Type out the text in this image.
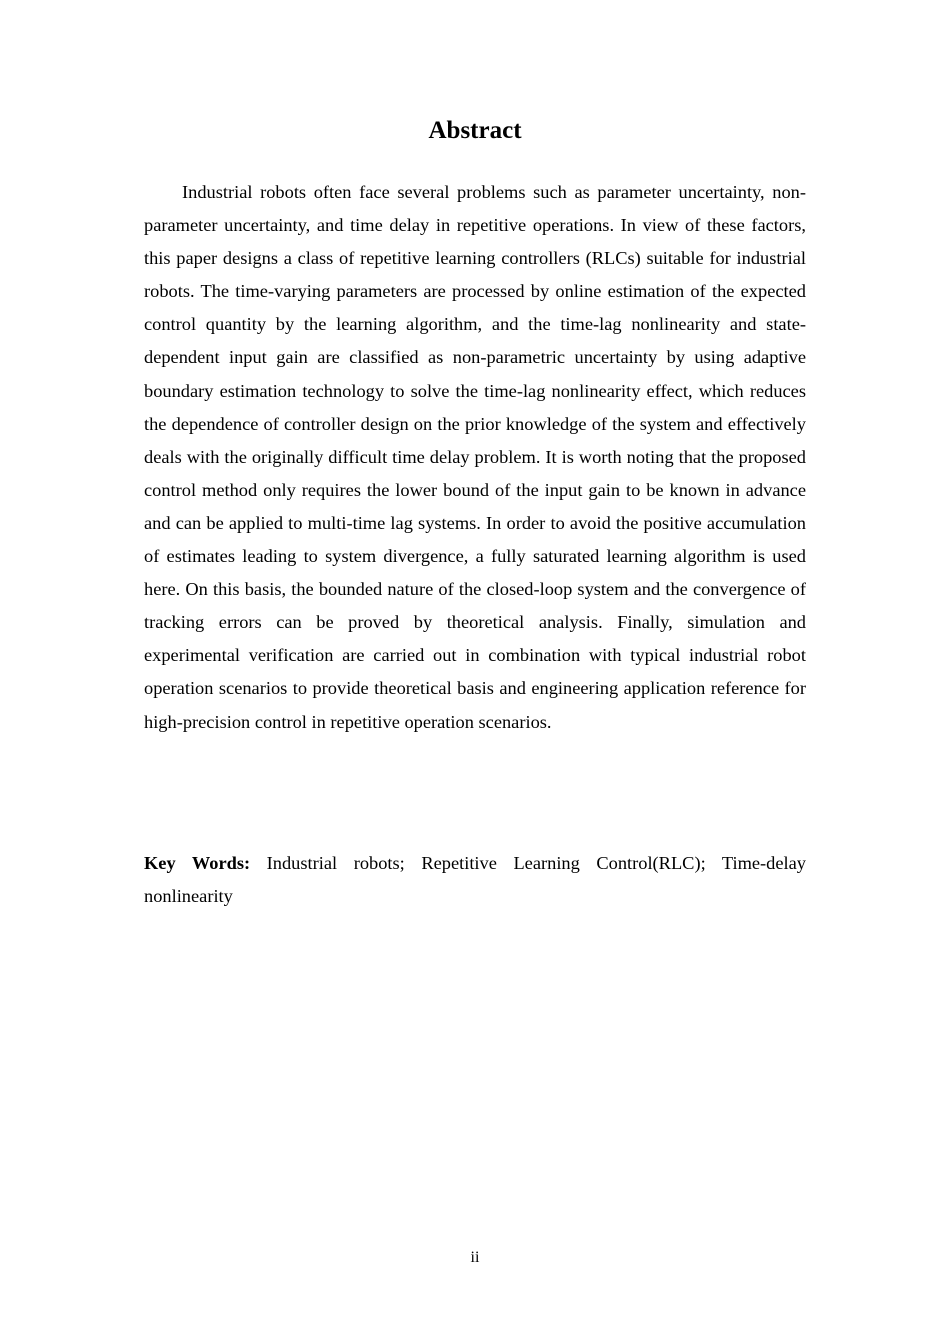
Abstract

Industrial robots often face several problems such as parameter uncertainty, non-parameter uncertainty, and time delay in repetitive operations. In view of these factors, this paper designs a class of repetitive learning controllers (RLCs) suitable for industrial robots. The time-varying parameters are processed by online estimation of the expected control quantity by the learning algorithm, and the time-lag nonlinearity and state-dependent input gain are classified as non-parametric uncertainty by using adaptive boundary estimation technology to solve the time-lag nonlinearity effect, which reduces the dependence of controller design on the prior knowledge of the system and effectively deals with the originally difficult time delay problem. It is worth noting that the proposed control method only requires the lower bound of the input gain to be known in advance and can be applied to multi-time lag systems. In order to avoid the positive accumulation of estimates leading to system divergence, a fully saturated learning algorithm is used here. On this basis, the bounded nature of the closed-loop system and the convergence of tracking errors can be proved by theoretical analysis. Finally, simulation and experimental verification are carried out in combination with typical industrial robot operation scenarios to provide theoretical basis and engineering application reference for high-precision control in repetitive operation scenarios.

Key Words: Industrial robots; Repetitive Learning Control(RLC); Time-delay nonlinearity

ii
